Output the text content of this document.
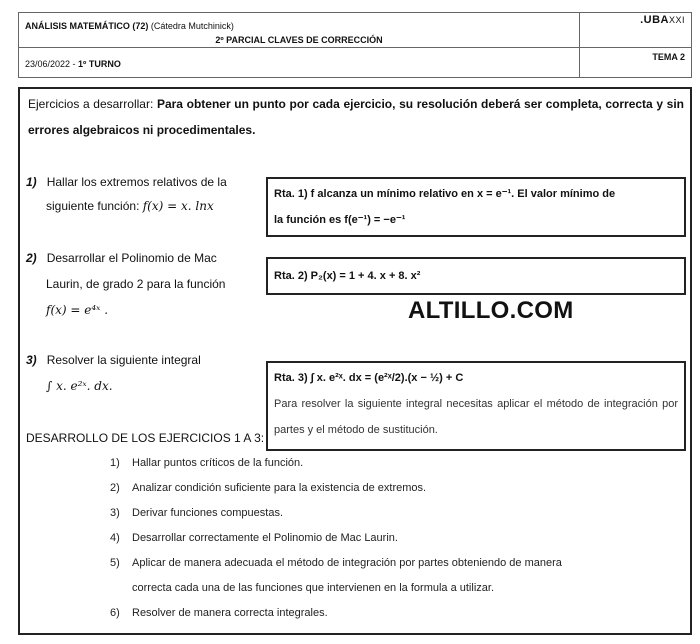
ANÁLISIS MATEMÁTICO (72) (Cátedra Mutchinick)
2º PARCIAL CLAVES DE CORRECCIÓN
.UBAXXI
23/06/2022 - 1º TURNO
TEMA 2
Ejercicios a desarrollar: Para obtener un punto por cada ejercicio, su resolución deberá ser completa, correcta y sin errores algebraicos ni procedimentales.
1) Hallar los extremos relativos de la
siguiente función: f(x) = x. lnx
2) Desarrollar el Polinomio de Mac
Laurin, de grado 2 para la función
f(x) = e⁴ˣ .
3) Resolver la siguiente integral
∫ x. e²ˣ. dx.
Rta. 1) f alcanza un mínimo relativo en x = e⁻¹. El valor mínimo de
la función es f(e⁻¹) = −e⁻¹
Rta. 2) P₂(x) = 1 + 4. x + 8. x²
ALTILLO.COM
Rta. 3) ∫ x. e²ˣ. dx = (e²ˣ/2).(x − ½) + C
Para resolver la siguiente integral necesitas aplicar el método de integración por partes y el método de sustitución.
DESARROLLO DE LOS EJERCICIOS 1 A 3:
1) Hallar puntos críticos de la función.
2) Analizar condición suficiente para la existencia de extremos.
3) Derivar funciones compuestas.
4) Desarrollar correctamente el Polinomio de Mac Laurin.
5) Aplicar de manera adecuada el método de integración por partes obteniendo de manera
correcta cada una de las funciones que intervienen en la formula a utilizar.
6) Resolver de manera correcta integrales.
